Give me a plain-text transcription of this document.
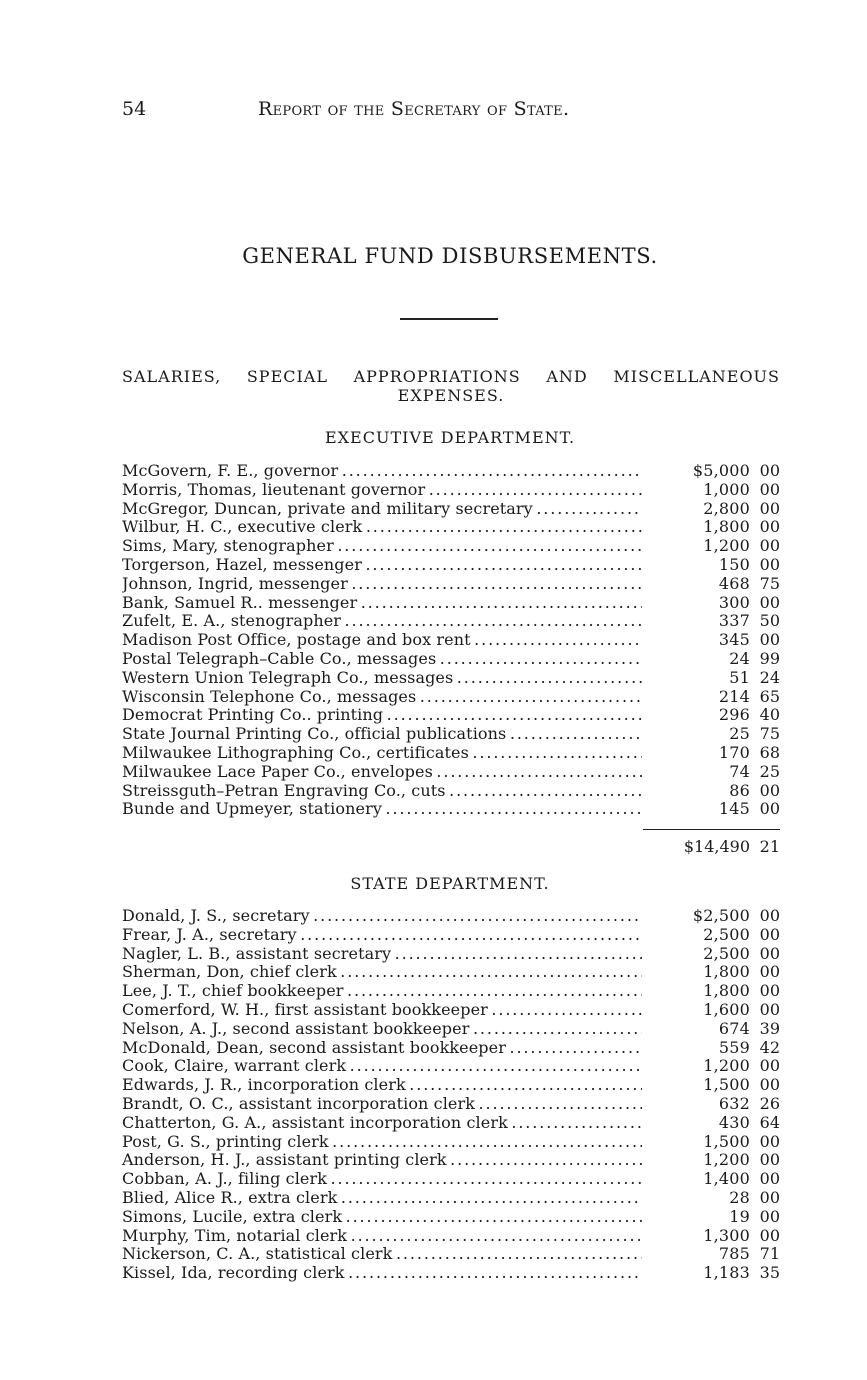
54	Report of the Secretary of State.
GENERAL FUND DISBURSEMENTS.
SALARIES, SPECIAL APPROPRIATIONS AND MISCELLANEOUS
EXPENSES.
EXECUTIVE DEPARTMENT.
McGovern, F. E., governor . . .	$5,000 00
Morris, Thomas, lieutenant governor . . .	1,000 00
McGregor, Duncan, private and military secretary . . .	2,800 00
Wilbur, H. C., executive clerk . . .	1,800 00
Sims, Mary, stenographer . . .	1,200 00
Torgerson, Hazel, messenger . . .	150 00
Johnson, Ingrid, messenger . . .	468 75
Bank, Samuel R.. messenger . . .	300 00
Zufelt, E. A., stenographer . . .	337 50
Madison Post Office, postage and box rent . . .	345 00
Postal Telegraph–Cable Co., messages . . .	24 99
Western Union Telegraph Co., messages . . .	51 24
Wisconsin Telephone Co., messages . . .	214 65
Democrat Printing Co.. printing . . .	296 40
State Journal Printing Co., official publications . . .	25 75
Milwaukee Lithographing Co., certificates . . .	170 68
Milwaukee Lace Paper Co., envelopes . . .	74 25
Streissguth–Petran Engraving Co., cuts . . .	86 00
Bunde and Upmeyer, stationery . . .	145 00
$14,490 21
STATE DEPARTMENT.
Donald, J. S., secretary . . .	$2,500 00
Frear, J. A., secretary . . .	2,500 00
Nagler, L. B., assistant secretary . . .	2,500 00
Sherman, Don, chief clerk . . .	1,800 00
Lee, J. T., chief bookkeeper . . .	1,800 00
Comerford, W. H., first assistant bookkeeper . . .	1,600 00
Nelson, A. J., second assistant bookkeeper . . .	674 39
McDonald, Dean, second assistant bookkeeper . . .	559 42
Cook, Claire, warrant clerk . . .	1,200 00
Edwards, J. R., incorporation clerk . . .	1,500 00
Brandt, O. C., assistant incorporation clerk . . .	632 26
Chatterton, G. A., assistant incorporation clerk . . .	430 64
Post, G. S., printing clerk . . .	1,500 00
Anderson, H. J., assistant printing clerk . . .	1,200 00
Cobban, A. J., filing clerk . . .	1,400 00
Blied, Alice R., extra clerk . . .	28 00
Simons, Lucile, extra clerk . . .	19 00
Murphy, Tim, notarial clerk . . .	1,300 00
Nickerson, C. A., statistical clerk . . .	785 71
Kissel, Ida, recording clerk . . .	1,183 35
